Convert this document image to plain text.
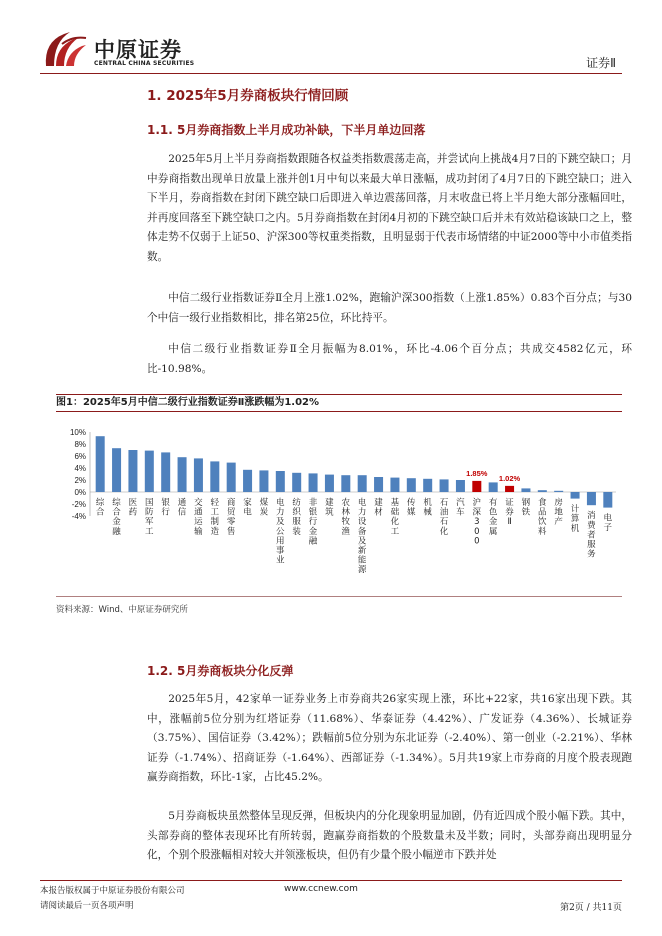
中原证券
CENTRAL CHINA SECURITIES	证券Ⅱ
1. 2025年5月券商板块行情回顾
1.1. 5月券商指数上半月成功补缺，下半月单边回落
2025年5月上半月券商指数跟随各权益类指数震荡走高，并尝试向上挑战4月7日的下跳空缺口；月中券商指数出现单日放量上涨并创1月中旬以来最大单日涨幅，成功封闭了4月7日的下跳空缺口；进入下半月，券商指数在封闭下跳空缺口后即进入单边震荡回落，月末收盘已将上半月绝大部分涨幅回吐，并再度回落至下跳空缺口之内。5月券商指数在封闭4月初的下跳空缺口后并未有效站稳该缺口之上，整体走势不仅弱于上证50、沪深300等权重类指数，且明显弱于代表市场情绪的中证2000等中小市值类指数。
中信二级行业指数证券Ⅱ全月上涨1.02%，跑输沪深300指数（上涨1.85%）0.83个百分点；与30个中信一级行业指数相比，排名第25位，环比持平。
中信二级行业指数证券Ⅱ全月振幅为8.01%，环比-4.06个百分点；共成交4582亿元，环比-10.98%。
图1：2025年5月中信二级行业指数证券Ⅱ涨跌幅为1.02%
10%
8%
6%
4%
2%
0%
-2%
-4%
综合
综合金融
医药
国防军工
银行
通信
交通运输
轻工制造
商贸零售
家电
煤炭
电力及公用事业
纺织服装
非银行金融
建筑
农林牧渔
电力设备及新能源
建材
基础化工
传媒
机械
石油石化
汽车
1.85%
沪深 3 0 0
有色金属
1.02%
证券 Ⅱ
钢铁
食品饮料
房地产
计算机
消费者服务
电子
资料来源：Wind、中原证券研究所
1.2. 5月券商板块分化反弹
2025年5月，42家单一证券业务上市券商共26家实现上涨，环比+22家，共16家出现下跌。其中，涨幅前5位分别为红塔证券（11.68%）、华泰证券（4.42%）、广发证券（4.36%）、长城证券（3.75%）、国信证券（3.42%）；跌幅前5位分别为东北证券（-2.40%）、第一创业（-2.21%）、华林证券（-1.74%）、招商证券（-1.64%）、西部证券（-1.34%）。5月共19家上市券商的月度个股表现跑赢券商指数，环比-1家，占比45.2%。
5月券商板块虽然整体呈现反弹，但板块内的分化现象明显加剧，仍有近四成个股小幅下跌。其中，头部券商的整体表现环比有所转弱，跑赢券商指数的个股数量未及半数；同时，头部券商出现明显分化，个别个股涨幅相对较大并领涨板块，但仍有少量个股小幅逆市下跌并处
本报告版权属于中原证券股份有限公司
请阅读最后一页各项声明
www.ccnew.com
第2页 / 共11页
